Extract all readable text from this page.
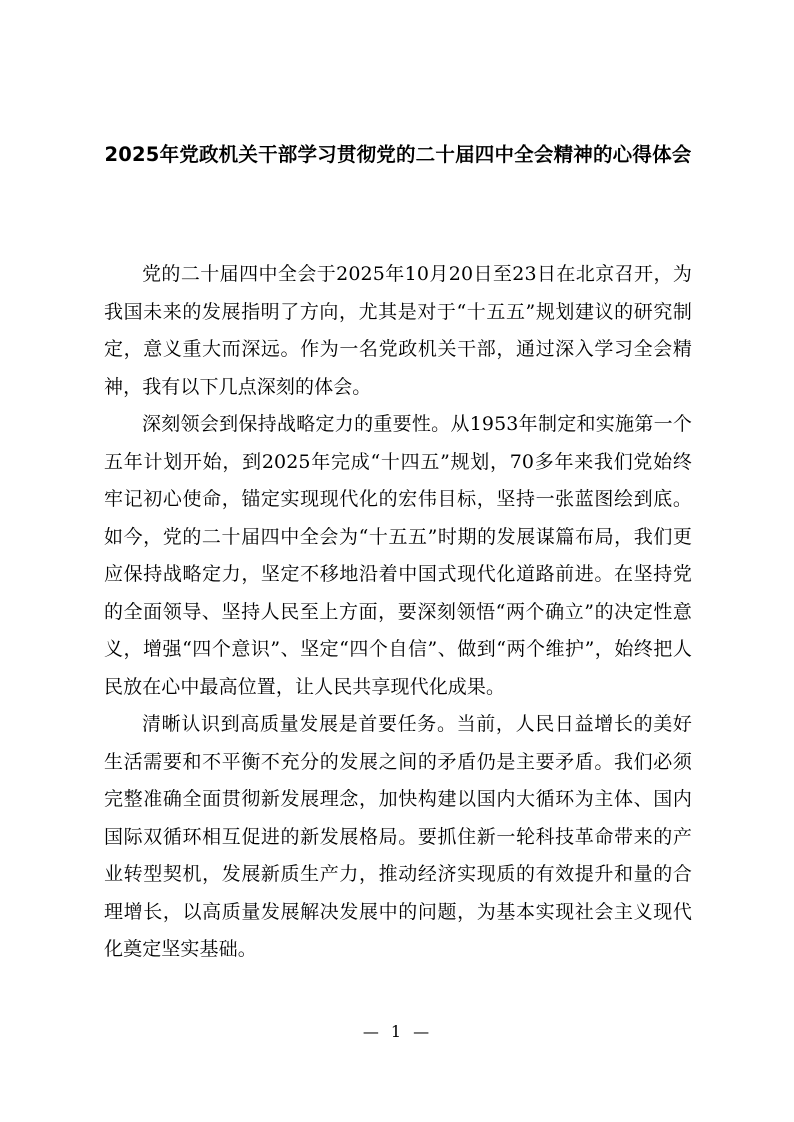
2025年党政机关干部学习贯彻党的二十届四中全会精神的心得体会

党的二十届四中全会于2025年10月20日至23日在北京召开，为我国未来的发展指明了方向，尤其是对于“十五五”规划建议的研究制定，意义重大而深远。作为一名党政机关干部，通过深入学习全会精神，我有以下几点深刻的体会。

深刻领会到保持战略定力的重要性。从1953年制定和实施第一个五年计划开始，到2025年完成“十四五”规划，70多年来我们党始终牢记初心使命，锚定实现现代化的宏伟目标，坚持一张蓝图绘到底。如今，党的二十届四中全会为“十五五”时期的发展谋篇布局，我们更应保持战略定力，坚定不移地沿着中国式现代化道路前进。在坚持党的全面领导、坚持人民至上方面，要深刻领悟“两个确立”的决定性意义，增强“四个意识”、坚定“四个自信”、做到“两个维护”，始终把人民放在心中最高位置，让人民共享现代化成果。

清晰认识到高质量发展是首要任务。当前，人民日益增长的美好生活需要和不平衡不充分的发展之间的矛盾仍是主要矛盾。我们必须完整准确全面贯彻新发展理念，加快构建以国内大循环为主体、国内国际双循环相互促进的新发展格局。要抓住新一轮科技革命带来的产业转型契机，发展新质生产力，推动经济实现质的有效提升和量的合理增长，以高质量发展解决发展中的问题，为基本实现社会主义现代化奠定坚实基础。

— 1 —
